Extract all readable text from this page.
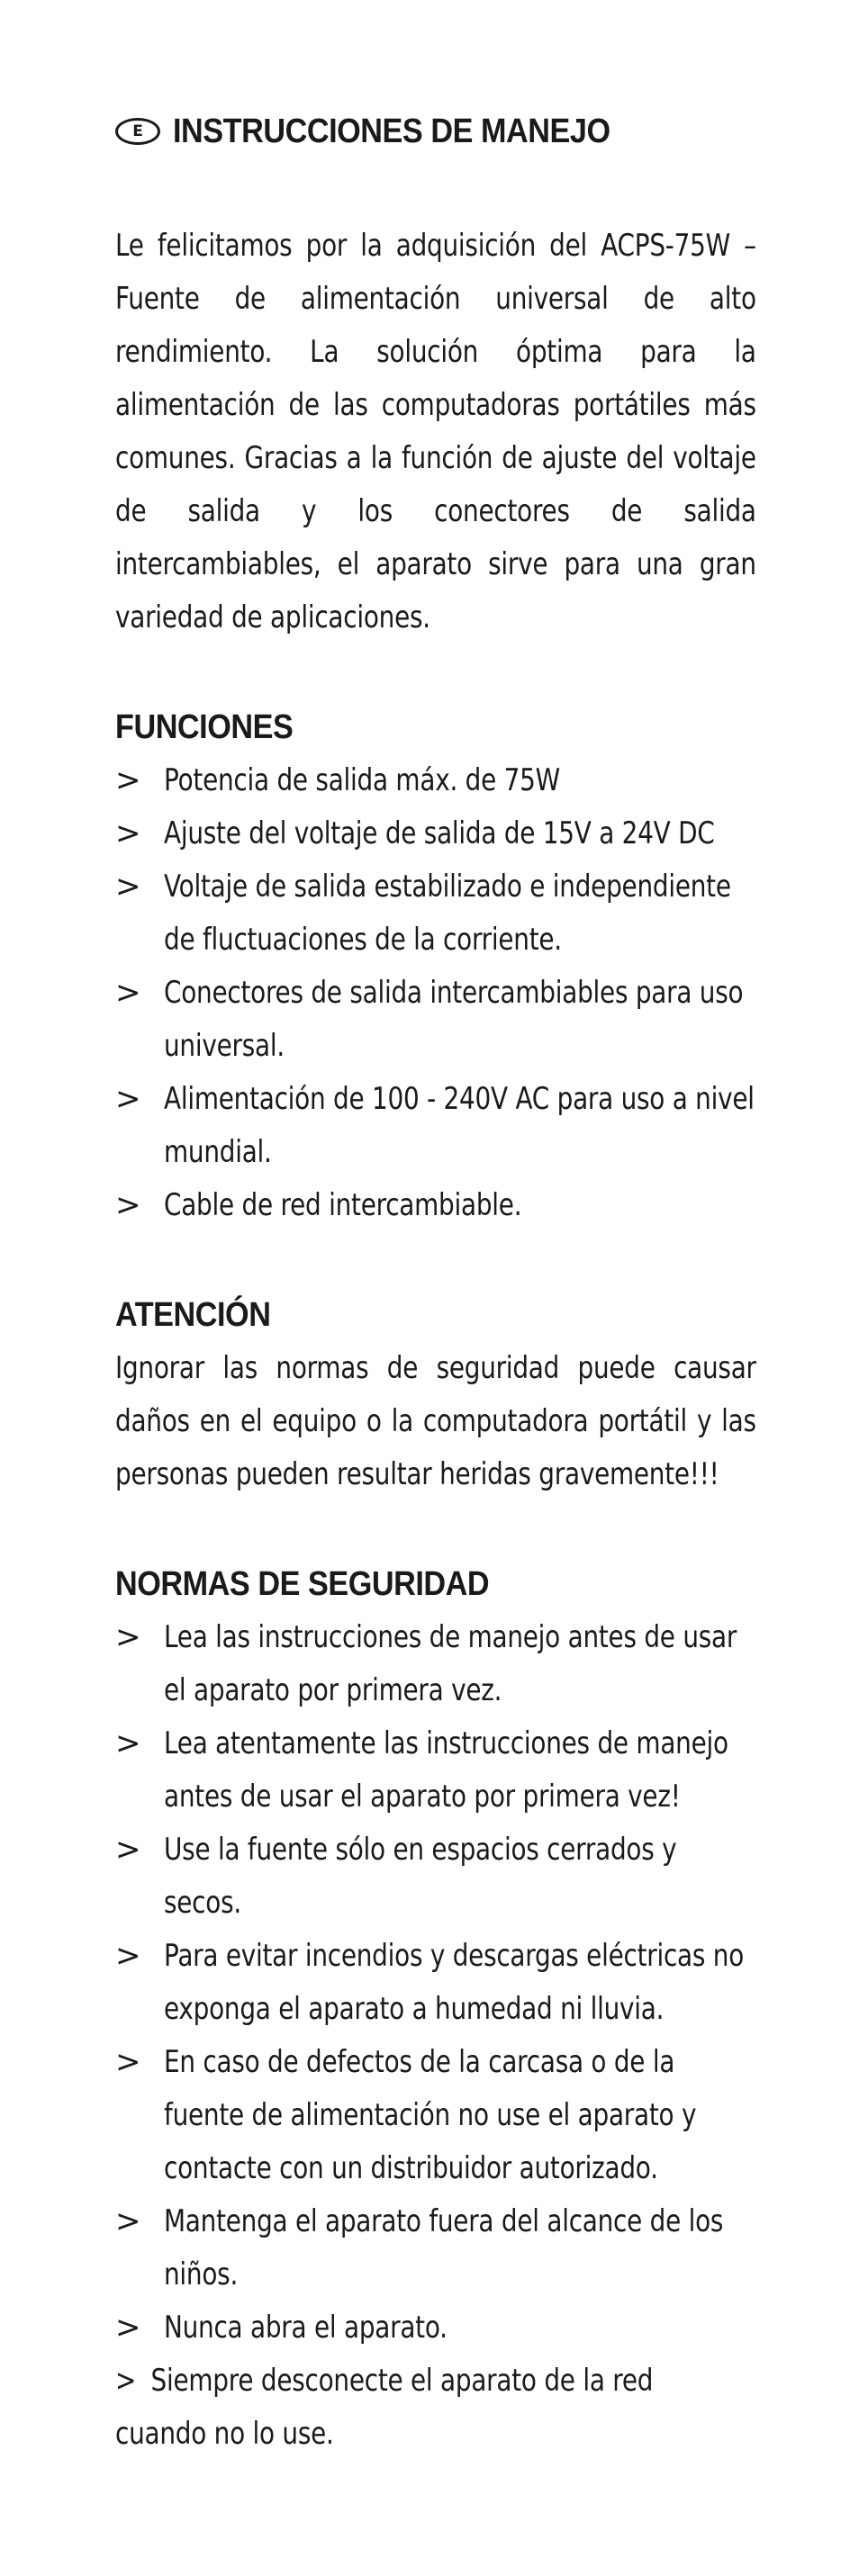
E INSTRUCCIONES DE MANEJO

Le felicitamos por la adquisición del ACPS-75W – Fuente de alimentación universal de alto rendimiento. La solución óptima para la alimentación de las computadoras portátiles más comunes. Gracias a la función de ajuste del voltaje de salida y los conectores de salida intercambiables, el aparato sirve para una gran variedad de aplicaciones.

FUNCIONES
> Potencia de salida máx. de 75W
> Ajuste del voltaje de salida de 15V a 24V DC
> Voltaje de salida estabilizado e independiente de fluctuaciones de la corriente.
> Conectores de salida intercambiables para uso universal.
> Alimentación de 100 - 240V AC para uso a nivel mundial.
> Cable de red intercambiable.
ATENCIÓN

Ignorar las normas de seguridad puede causar daños en el equipo o la computadora portátil y las personas pueden resultar heridas gravemente!!!

NORMAS DE SEGURIDAD
> Lea las instrucciones de manejo antes de usar el aparato por primera vez.
> Lea atentamente las instrucciones de manejo antes de usar el aparato por primera vez!
> Use la fuente sólo en espacios cerrados y secos.
> Para evitar incendios y descargas eléctricas no exponga el aparato a humedad ni lluvia.
> En caso de defectos de la carcasa o de la fuente de alimentación no use el aparato y contacte con un distribuidor autorizado.
> Mantenga el aparato fuera del alcance de los niños.
> Nunca abra el aparato.
> Siempre desconecte el aparato de la red
cuando no lo use.
